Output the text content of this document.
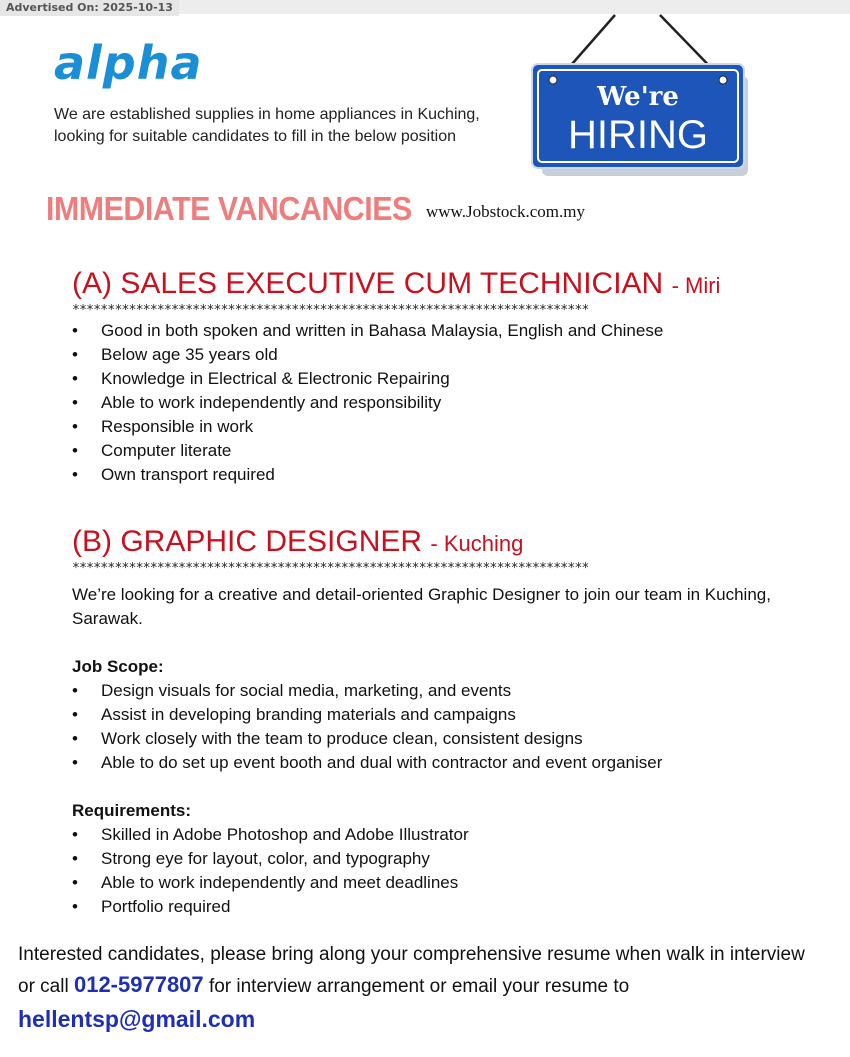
Advertised On: 2025-10-13
alpha
We are established supplies in home appliances in Kuching,
looking for suitable candidates to fill in the below position
We're
HIRING
IMMEDIATE VANCANCIES www.Jobstock.com.my
(A) SALES EXECUTIVE CUM TECHNICIAN - Miri
*************************************************************************
• Good in both spoken and written in Bahasa Malaysia, English and Chinese
• Below age 35 years old
• Knowledge in Electrical & Electronic Repairing
• Able to work independently and responsibility
• Responsible in work
• Computer literate
• Own transport required
(B) GRAPHIC DESIGNER - Kuching
*************************************************************************

We’re looking for a creative and detail-oriented Graphic Designer to join our team in Kuching, Sarawak.

Job Scope:

• Design visuals for social media, marketing, and events
• Assist in developing branding materials and campaigns
• Work closely with the team to produce clean, consistent designs
• Able to do set up event booth and dual with contractor and event organiser

Requirements:

• Skilled in Adobe Photoshop and Adobe Illustrator
• Strong eye for layout, color, and typography
• Able to work independently and meet deadlines
• Portfolio required
Interested candidates, please bring along your comprehensive resume when walk in interview
or call 012-5977807 for interview arrangement or email your resume to
hellentsp@gmail.com
